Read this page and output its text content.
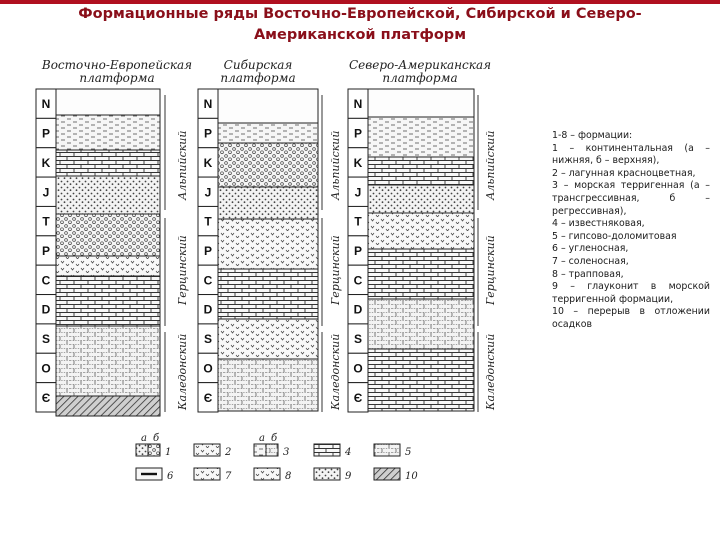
Формационные ряды Восточно-Европейской, Сибирской и Северо-Американской платформ
Восточно-Европейская
платформа
Сибирская
платформа
Северо-Американская
платформа
N
P
K
J
T
P
C
D
S
O
Є
N
P
K
J
T
P
C
D
S
O
Є
N
P
K
J
T
P
C
D
S
O
Є
Альпийский
Герцинский
Каледонский
Альпийский
Герцинский
Каледонский
Альпийский
Герцинский
Каледонский
а б	а б
1	2	3	4	5
6	7	8	9	10
1-8 – формации:
1 – континентальная (а – нижняя, б – верхняя),
2 – лагунная красноцветная,
3 – морская терригенная (а – трансгрессивная, б – регрессивная),
4 – известняковая,
5 – гипсово-доломитовая
6 – угленосная,
7 – соленосная,
8 – трапповая,
9 – глауконит в морской терригенной формации,
10 – перерыв в отложении осадков
